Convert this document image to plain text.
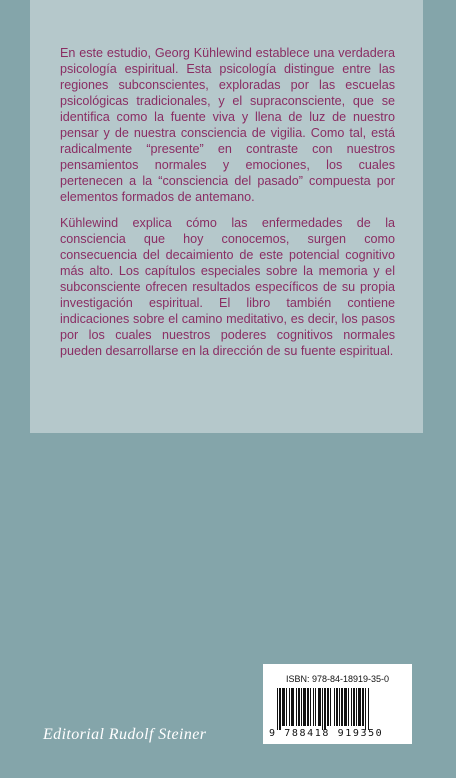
En este estudio, Georg Kühlewind establece una verdadera psicología espiritual. Esta psicología distingue entre las regiones subconscientes, exploradas por las escuelas psicológicas tradicionales, y el supraconsciente, que se identifica como la fuente viva y llena de luz de nuestro pensar y de nuestra consciencia de vigilia. Como tal, está radicalmente “presente” en contraste con nuestros pensamientos normales y emociones, los cuales pertenecen a la “consciencia del pasado” compuesta por elementos formados de antemano.

Kühlewind explica cómo las enfermedades de la consciencia que hoy conocemos, surgen como consecuencia del decaimiento de este potencial cognitivo más alto. Los capítulos especiales sobre la memoria y el subconsciente ofrecen resultados específicos de su propia investigación espiritual. El libro también contiene indicaciones sobre el camino meditativo, es decir, los pasos por los cuales nuestros poderes cognitivos normales pueden desarrollarse en la dirección de su fuente espiritual.

Editorial Rudolf Steiner
ISBN: 978-84-18919-35-0
9 788418 919350
